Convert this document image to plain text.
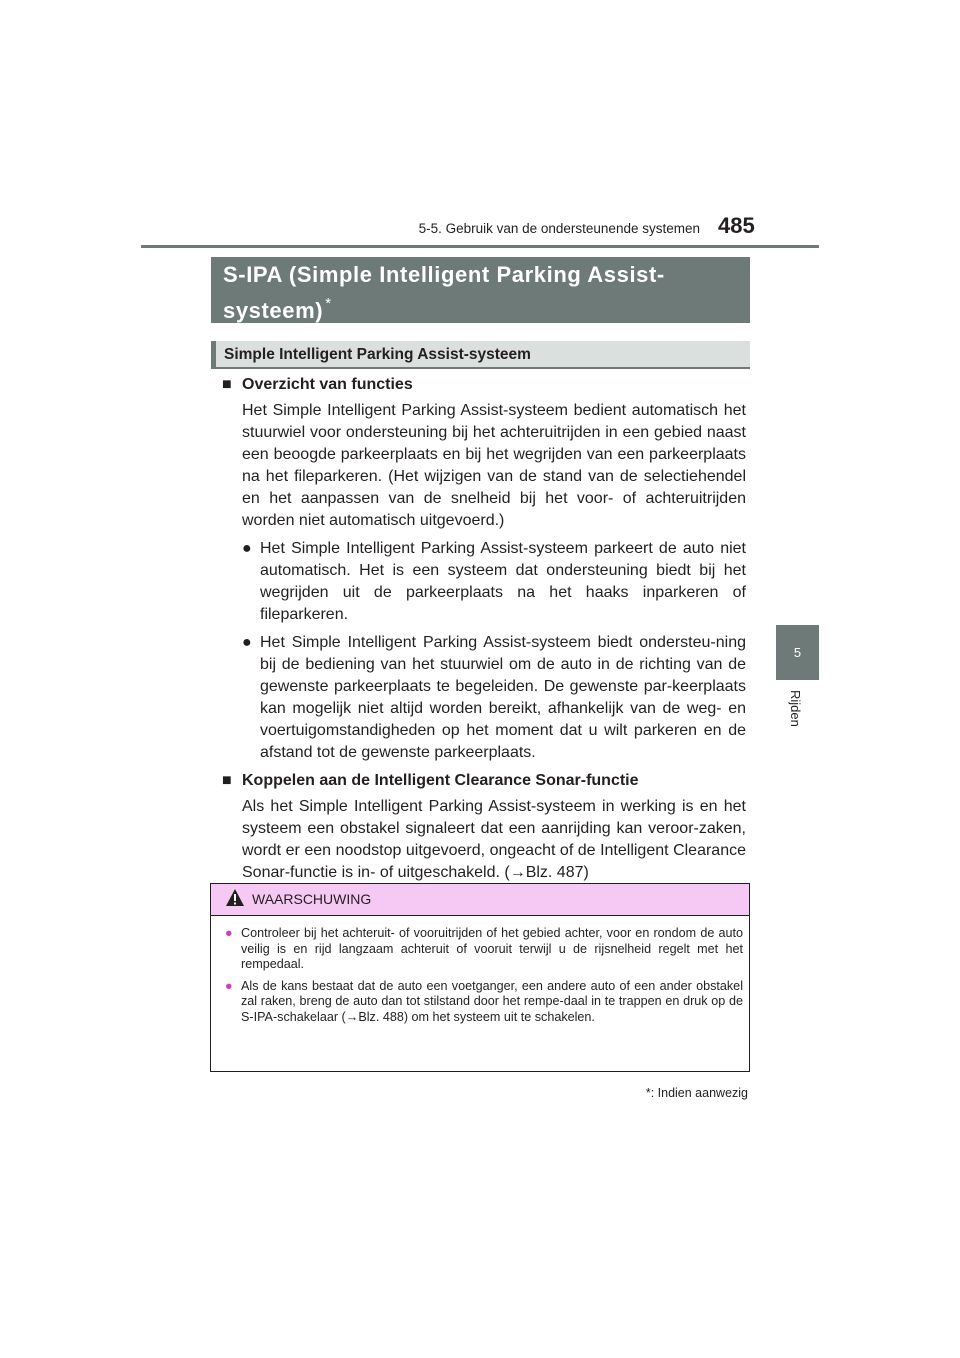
5-5. Gebruik van de ondersteunende systemen 485
5
Rijden
S-IPA (Simple Intelligent Parking Assist-
systeem) *
Simple Intelligent Parking Assist-systeem
■ Overzicht van functies

Het Simple Intelligent Parking Assist-systeem bedient automatisch het stuurwiel voor ondersteuning bij het achteruitrijden in een gebied naast een beoogde parkeerplaats en bij het wegrijden van een parkeerplaats na het fileparkeren. (Het wijzigen van de stand van de selectiehendel en het aanpassen van de snelheid bij het voor- of achteruitrijden worden niet automatisch uitgevoerd.)

● Het Simple Intelligent Parking Assist-systeem parkeert de auto niet automatisch. Het is een systeem dat ondersteuning biedt bij het wegrijden uit de parkeerplaats na het haaks inparkeren of fileparkeren.

● Het Simple Intelligent Parking Assist-systeem biedt ondersteu-ning bij de bediening van het stuurwiel om de auto in de richting van de gewenste parkeerplaats te begeleiden. De gewenste par-keerplaats kan mogelijk niet altijd worden bereikt, afhankelijk van de weg- en voertuigomstandigheden op het moment dat u wilt parkeren en de afstand tot de gewenste parkeerplaats.

■ Koppelen aan de Intelligent Clearance Sonar-functie

Als het Simple Intelligent Parking Assist-systeem in werking is en het systeem een obstakel signaleert dat een aanrijding kan veroor-zaken, wordt er een noodstop uitgevoerd, ongeacht of de Intelligent Clearance Sonar-functie is in- of uitgeschakeld. (→Blz. 487)

WAARSCHUWING
● Controleer bij het achteruit- of vooruitrijden of het gebied achter, voor en rondom de auto veilig is en rijd langzaam achteruit of vooruit terwijl u de rijsnelheid regelt met het rempedaal.
● Als de kans bestaat dat de auto een voetganger, een andere auto of een ander obstakel zal raken, breng de auto dan tot stilstand door het rempe-daal in te trappen en druk op de S-IPA-schakelaar (→Blz. 488) om het systeem uit te schakelen.
*: Indien aanwezig
